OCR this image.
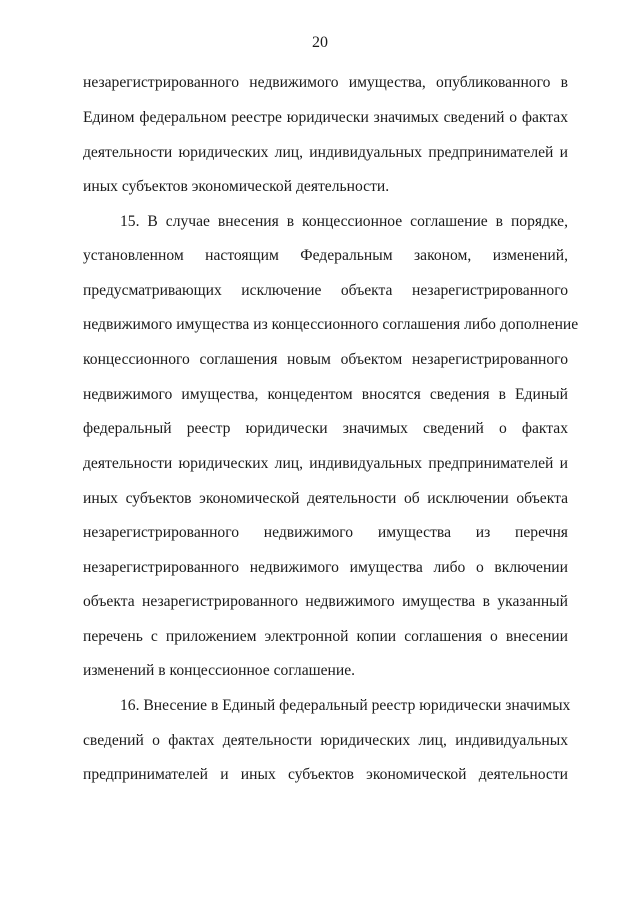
20
незарегистрированного недвижимого имущества, опубликованного в
Едином федеральном реестре юридически значимых сведений о фактах
деятельности юридических лиц, индивидуальных предпринимателей и
иных субъектов экономической деятельности.
15. В случае внесения в концессионное соглашение в порядке,
установленном настоящим Федеральным законом, изменений,
предусматривающих исключение объекта незарегистрированного
недвижимого имущества из концессионного соглашения либо дополнение
концессионного соглашения новым объектом незарегистрированного
недвижимого имущества, концедентом вносятся сведения в Единый
федеральный реестр юридически значимых сведений о фактах
деятельности юридических лиц, индивидуальных предпринимателей и
иных субъектов экономической деятельности об исключении объекта
незарегистрированного недвижимого имущества из перечня
незарегистрированного недвижимого имущества либо о включении
объекта незарегистрированного недвижимого имущества в указанный
перечень с приложением электронной копии соглашения о внесении
изменений в концессионное соглашение.
16. Внесение в Единый федеральный реестр юридически значимых
сведений о фактах деятельности юридических лиц, индивидуальных
предпринимателей и иных субъектов экономической деятельности
